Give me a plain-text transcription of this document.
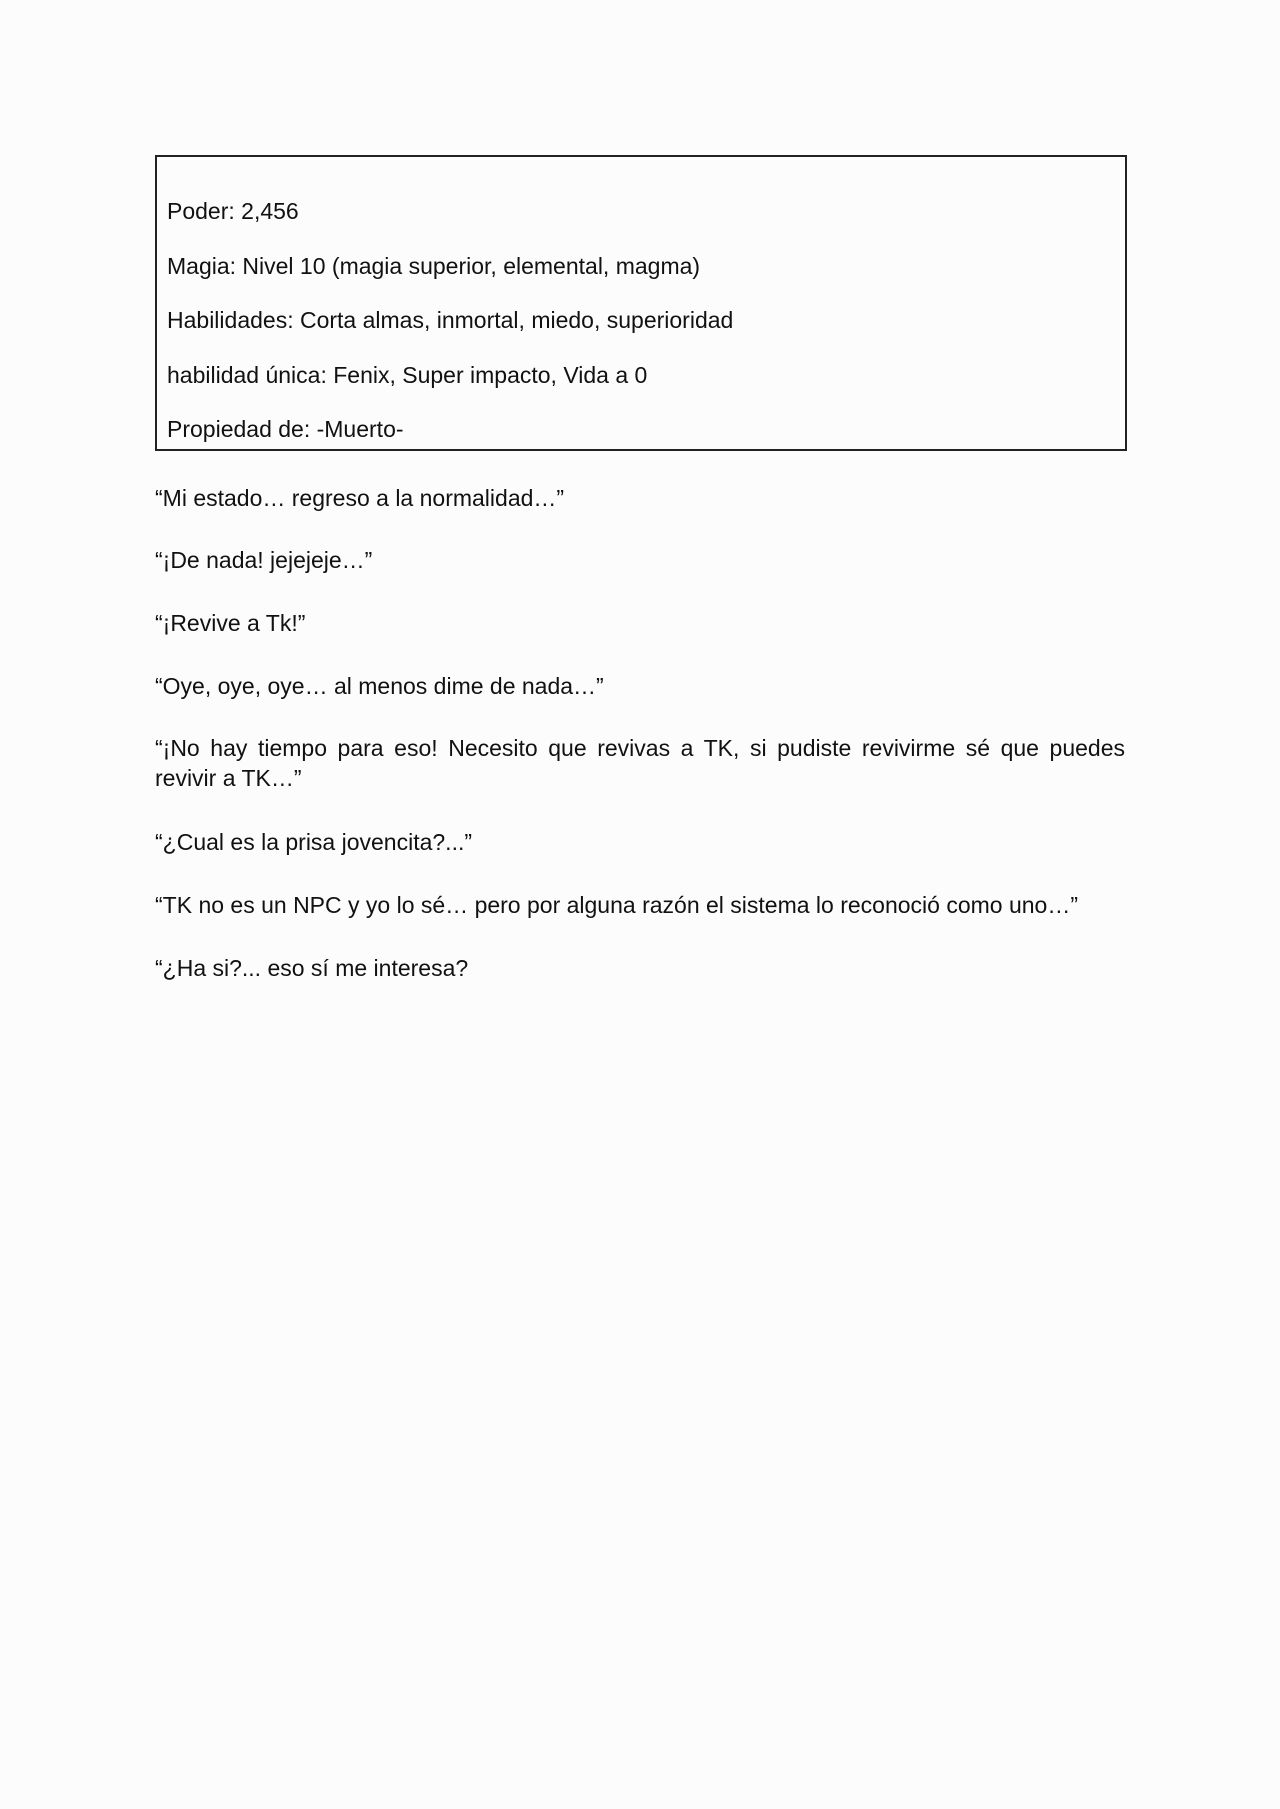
Poder: 2,456
Magia: Nivel 10 (magia superior, elemental, magma)
Habilidades: Corta almas, inmortal, miedo, superioridad
habilidad única: Fenix, Super impacto, Vida a 0
Propiedad de: -Muerto-

“Mi estado… regreso a la normalidad…”

“¡De nada! jejejeje…”

“¡Revive a Tk!”

“Oye, oye, oye… al menos dime de nada…”

“¡No hay tiempo para eso! Necesito que revivas a TK, si pudiste revivirme sé que puedes revivir a TK…”

“¿Cual es la prisa jovencita?...”

“TK no es un NPC y yo lo sé… pero por alguna razón el sistema lo reconoció como uno…”

“¿Ha si?... eso sí me interesa?
